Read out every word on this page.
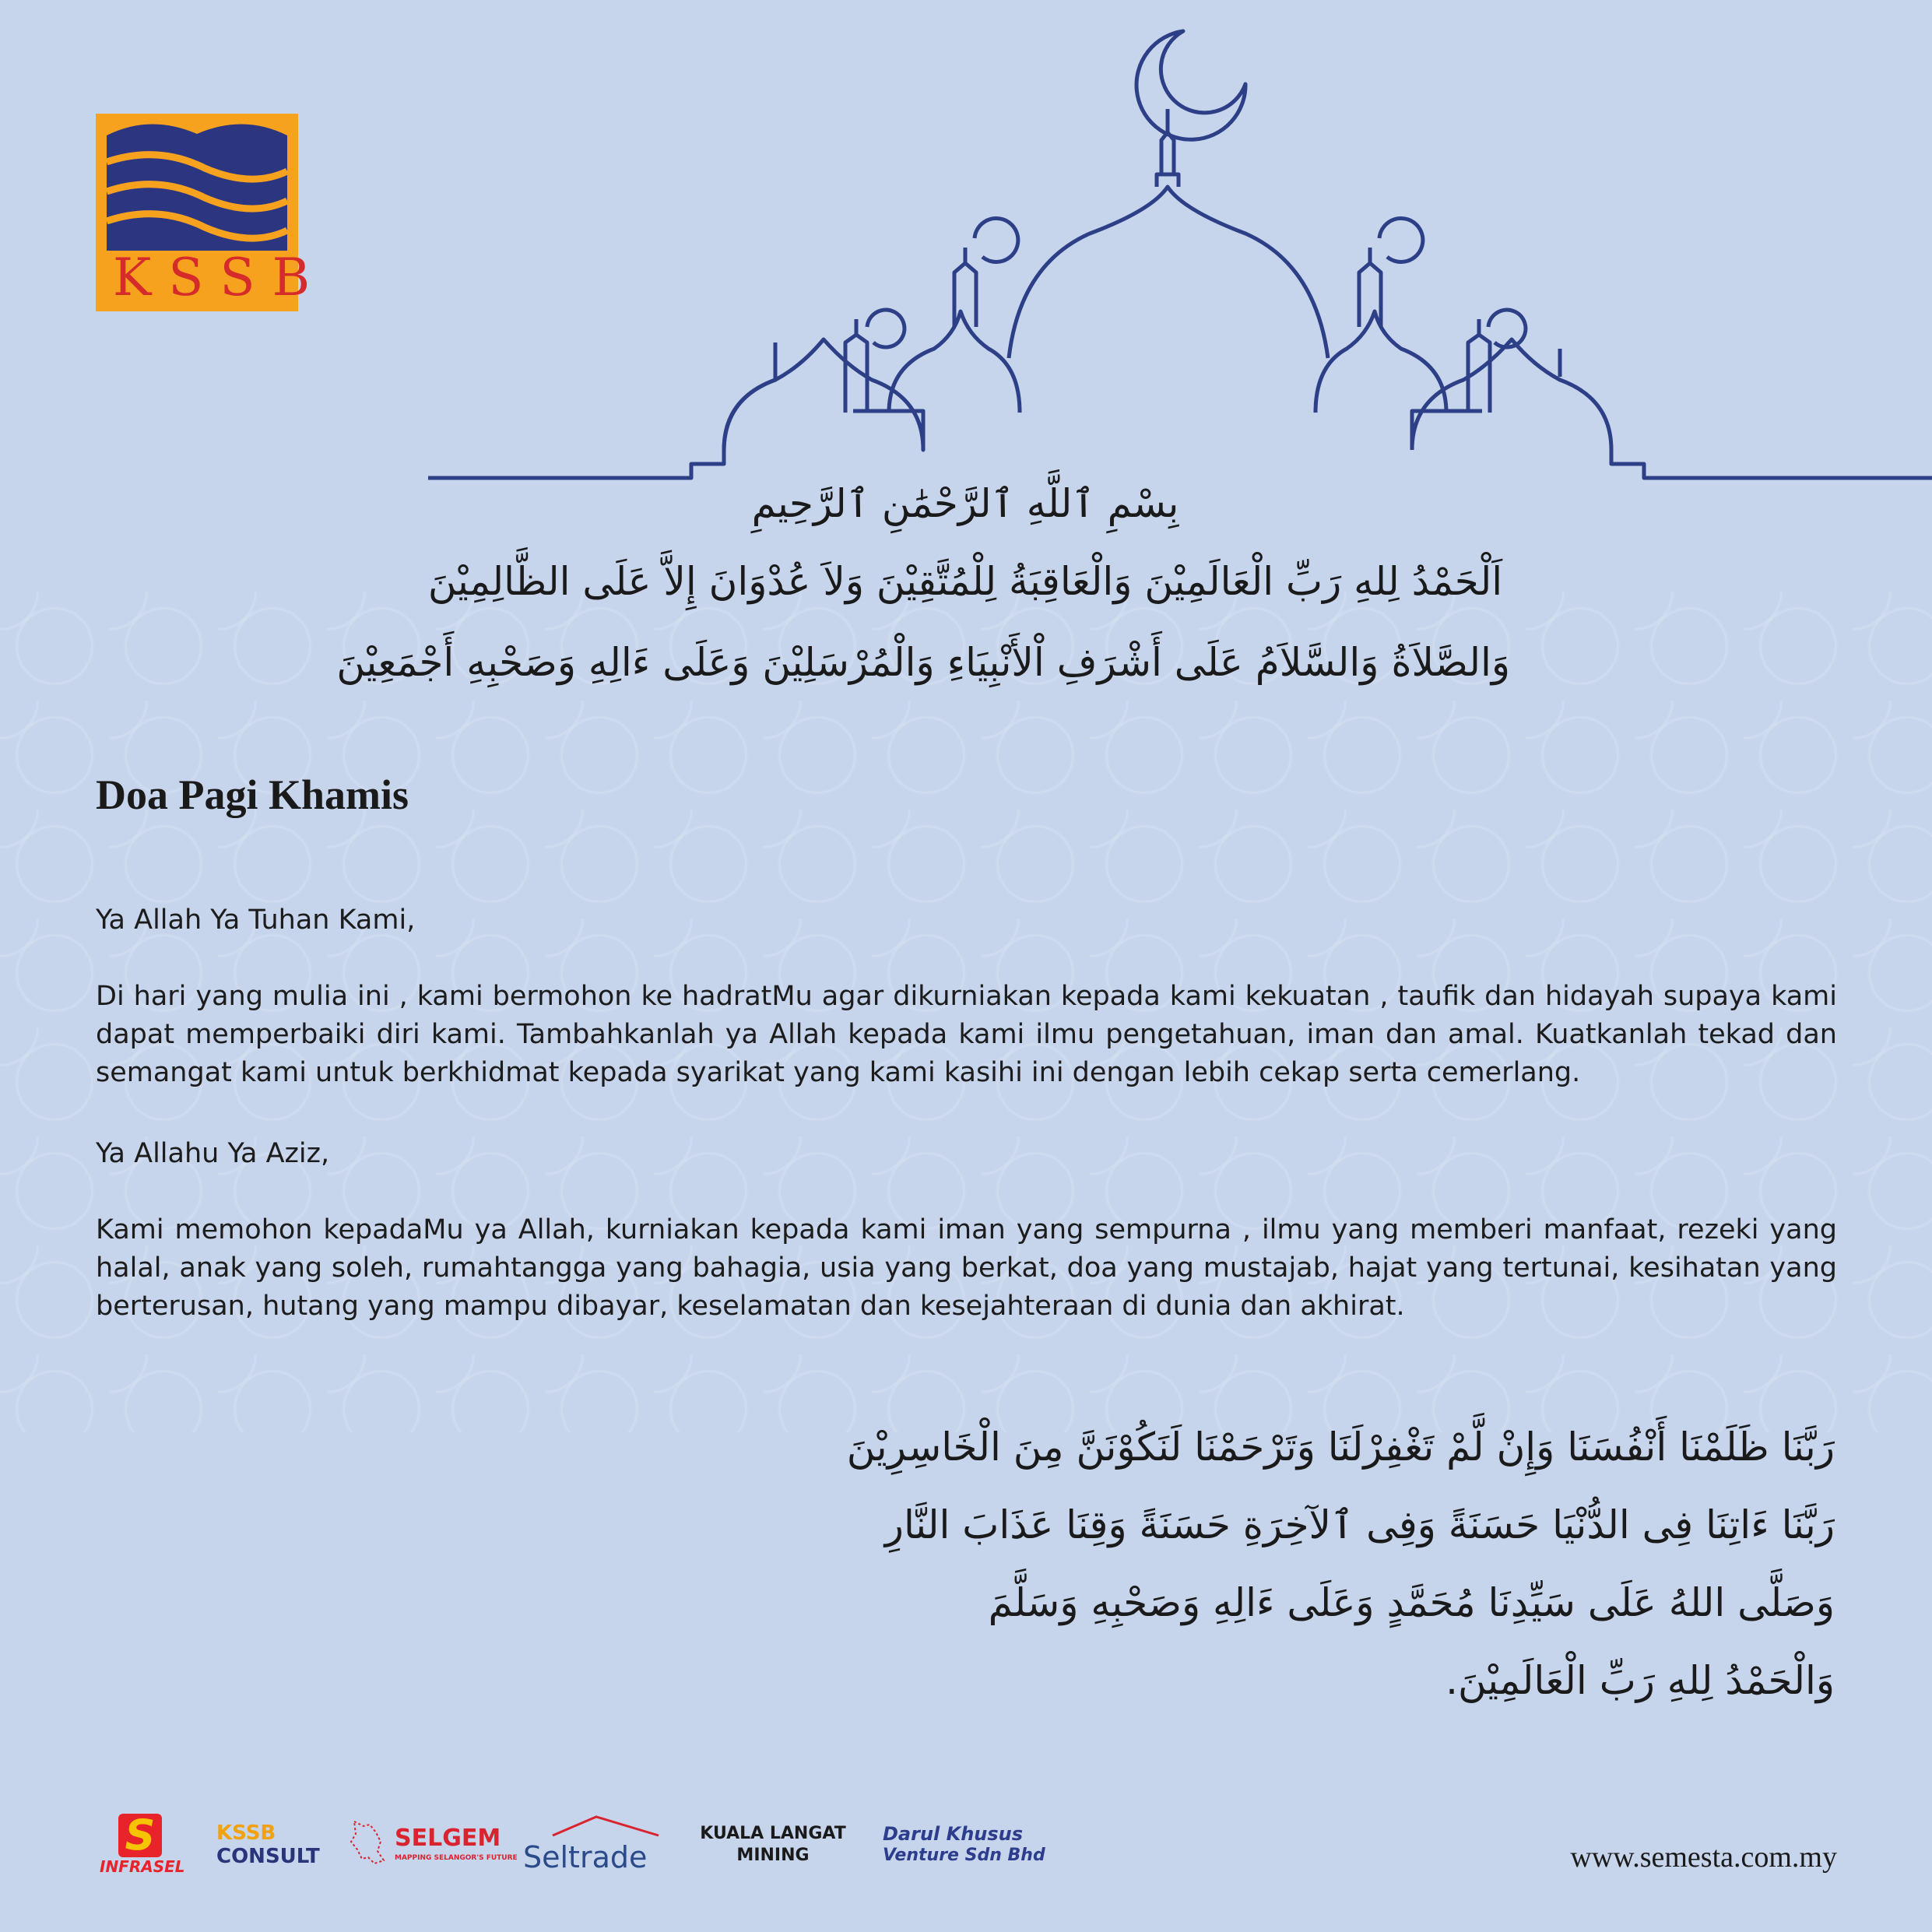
KSSB
بِسْمِ ٱللَّهِ ٱلرَّحْمَٰنِ ٱلرَّحِيمِ
اَلْحَمْدُ لِلهِ رَبِّ الْعَالَمِيْنَ وَالْعَاقِبَةُ لِلْمُتَّقِيْنَ وَلاَ عُدْوَانَ إِلاَّ عَلَى الظَّالِمِيْنَ
وَالصَّلاَةُ وَالسَّلاَمُ عَلَى أَشْرَفِ اْلأَنْبِيَاءِ وَالْمُرْسَلِيْنَ وَعَلَى ءَالِهِ وَصَحْبِهِ أَجْمَعِيْنَ
Doa Pagi Khamis
Ya Allah Ya Tuhan Kami,
Di hari yang mulia ini , kami bermohon ke hadratMu agar dikurniakan kepada kami kekuatan , taufik dan hidayah supaya kami dapat memperbaiki diri kami. Tambahkanlah ya Allah kepada kami ilmu pengetahuan, iman dan amal. Kuatkanlah tekad dan semangat kami untuk berkhidmat kepada syarikat yang kami kasihi ini dengan lebih cekap serta cemerlang.
Ya Allahu Ya Aziz,
Kami memohon kepadaMu ya Allah, kurniakan kepada kami iman yang sempurna , ilmu yang memberi manfaat, rezeki yang halal, anak yang soleh, rumahtangga yang bahagia, usia yang berkat, doa yang mustajab, hajat yang tertunai, kesihatan yang berterusan, hutang yang mampu dibayar, keselamatan dan kesejahteraan di dunia dan akhirat.
رَبَّنَا ظَلَمْنَا أَنْفُسَنَا وَإِنْ لَّمْ تَغْفِرْلَنَا وَتَرْحَمْنَا لَنَكُوْنَنَّ مِنَ الْخَاسِرِيْنَ
رَبَّنَا ءَاتِنَا فِى الدُّنْيَا حَسَنَةً وَفِى ٱلآخِرَةِ حَسَنَةً وَقِنَا عَذَابَ النَّارِ
وَصَلَّى اللهُ عَلَى سَيِّدِنَا مُحَمَّدٍ وَعَلَى ءَالِهِ وَصَحْبِهِ وَسَلَّمَ
وَالْحَمْدُ لِلهِ رَبِّ الْعَالَمِيْنَ.
S
INFRASEL
KSSB
CONSULT
SELGEM
MAPPING SELANGOR'S FUTURE Seltrade
KUALA LANGAT
MINING
Darul Khusus
Venture Sdn Bhd	www.semesta.com.my
